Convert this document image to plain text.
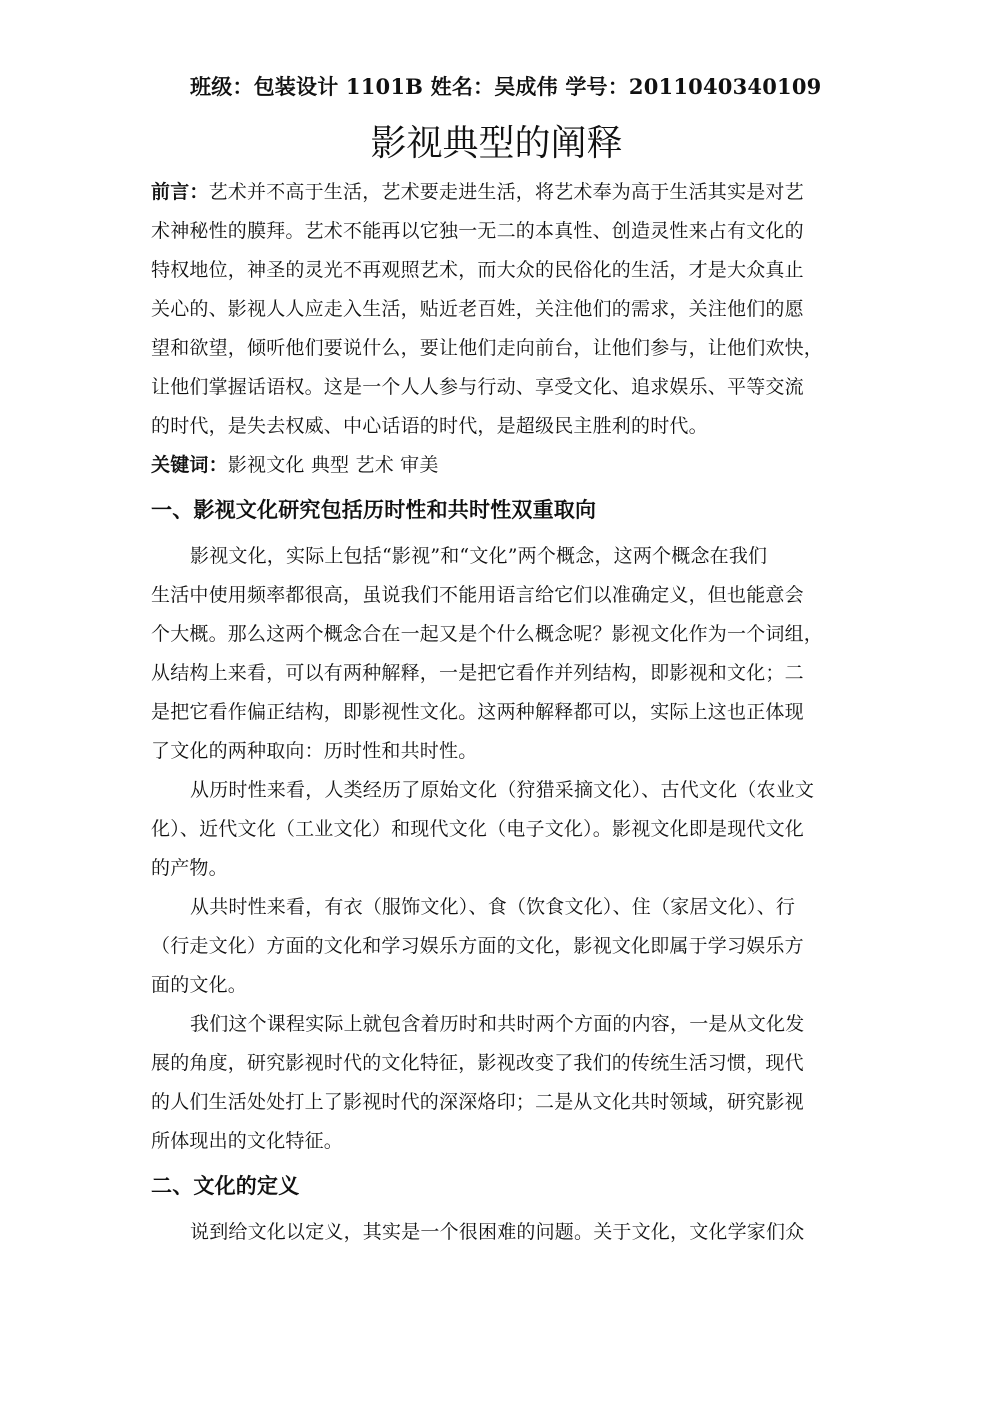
班级：包装设计 1101B 姓名：吴成伟 学号：2011040340109
影视典型的阐释
前言：艺术并不高于生活，艺术要走进生活，将艺术奉为高于生活其实是对艺
术神秘性的膜拜。艺术不能再以它独一无二的本真性、创造灵性来占有文化的
特权地位，神圣的灵光不再观照艺术，而大众的民俗化的生活，才是大众真止
关心的、影视人人应走入生活，贴近老百姓，关注他们的需求，关注他们的愿
望和欲望，倾听他们要说什么，要让他们走向前台，让他们参与，让他们欢快，
让他们掌握话语权。这是一个人人参与行动、享受文化、追求娱乐、平等交流
的时代，是失去权威、中心话语的时代，是超级民主胜利的时代。
关键词：影视文化 典型 艺术 审美
一、影视文化研究包括历时性和共时性双重取向
影视文化，实际上包括“影视”和“文化”两个概念，这两个概念在我们
生活中使用频率都很高，虽说我们不能用语言给它们以准确定义，但也能意会
个大概。那么这两个概念合在一起又是个什么概念呢？影视文化作为一个词组，
从结构上来看，可以有两种解释，一是把它看作并列结构，即影视和文化；二
是把它看作偏正结构，即影视性文化。这两种解释都可以，实际上这也正体现
了文化的两种取向：历时性和共时性。
从历时性来看，人类经历了原始文化（狩猎采摘文化）、古代文化（农业文
化）、近代文化（工业文化）和现代文化（电子文化）。影视文化即是现代文化
的产物。
从共时性来看，有衣（服饰文化）、食（饮食文化）、住（家居文化）、行
（行走文化）方面的文化和学习娱乐方面的文化，影视文化即属于学习娱乐方
面的文化。
我们这个课程实际上就包含着历时和共时两个方面的内容，一是从文化发
展的角度，研究影视时代的文化特征，影视改变了我们的传统生活习惯，现代
的人们生活处处打上了影视时代的深深烙印；二是从文化共时领域，研究影视
所体现出的文化特征。
二、文化的定义
说到给文化以定义，其实是一个很困难的问题。关于文化，文化学家们众
